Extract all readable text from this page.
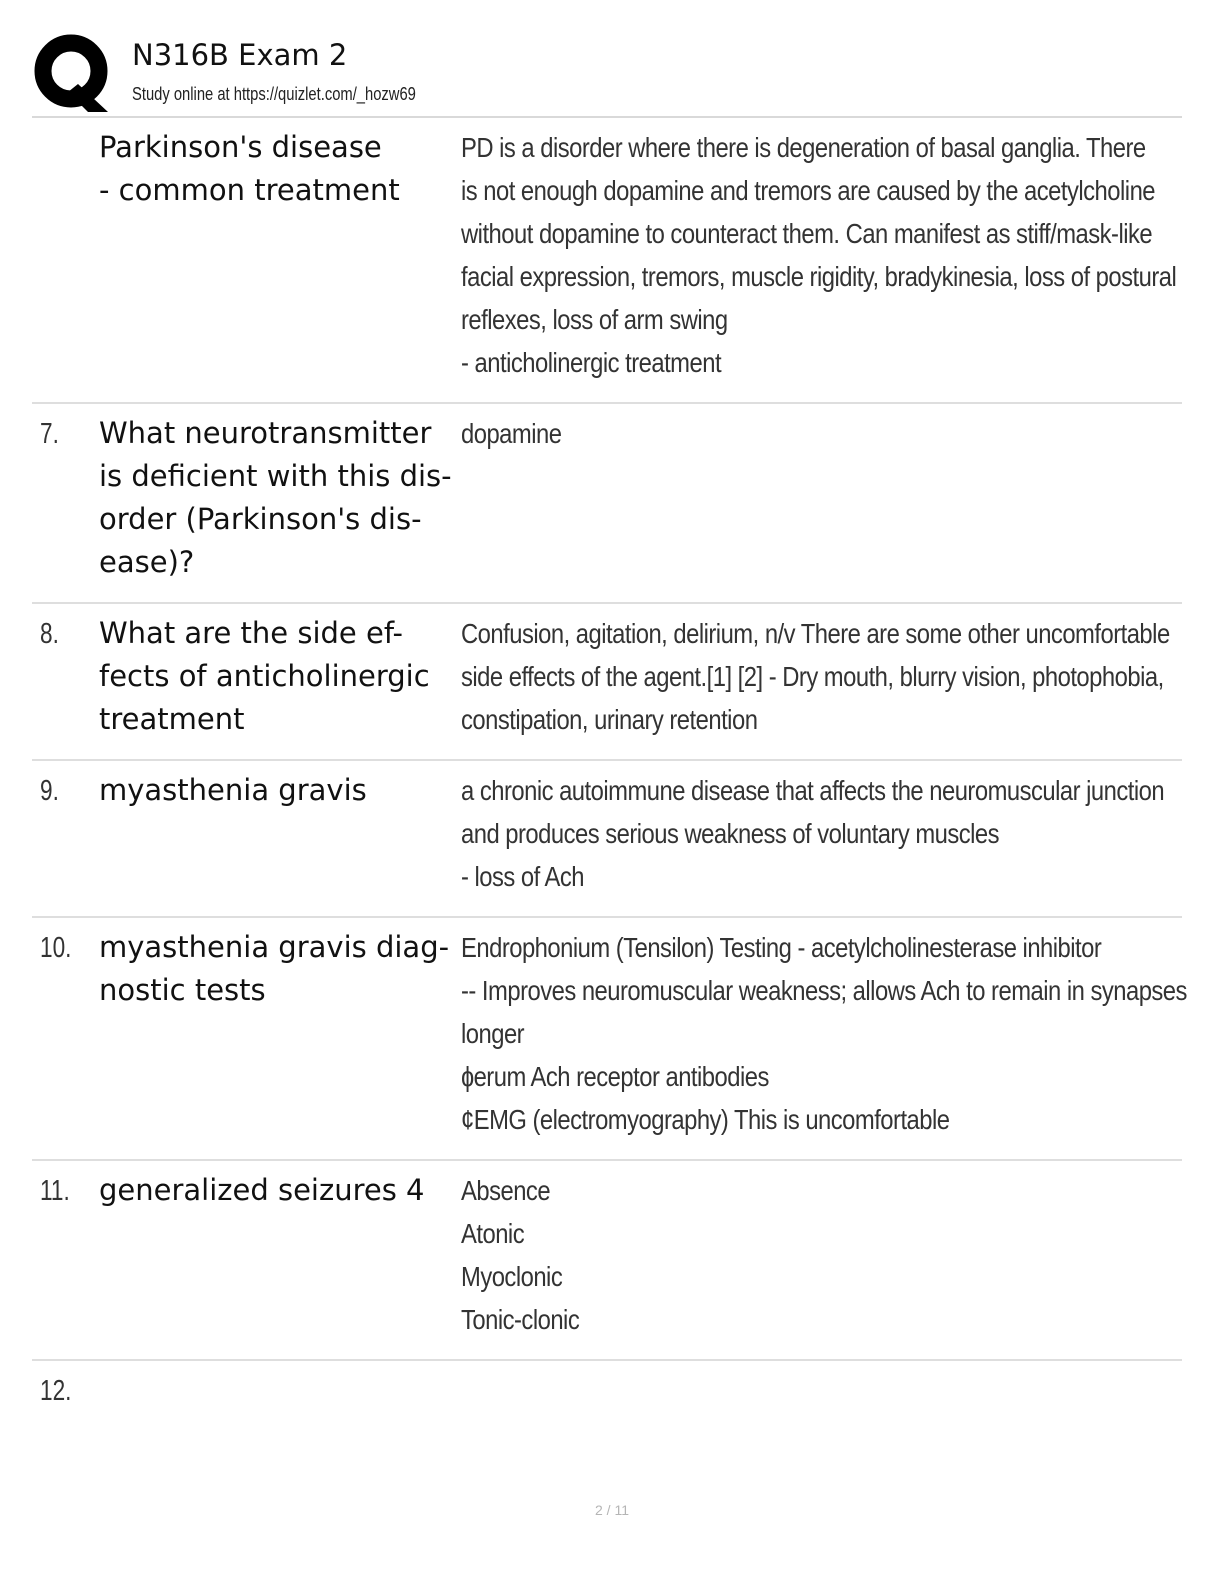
N316B Exam 2
Study online at https://quizlet.com/_hozw69
Parkinson's disease
- common treatment
PD is a disorder where there is degeneration of basal ganglia. There
is not enough dopamine and tremors are caused by the acetylcholine
without dopamine to counteract them. Can manifest as stiff/mask-like
facial expression, tremors, muscle rigidity, bradykinesia, loss of postural
reflexes, loss of arm swing
- anticholinergic treatment
7. What neurotransmitter
is deficient with this dis-
order (Parkinson's dis-
ease)?
dopamine
8. What are the side ef-
fects of anticholinergic
treatment
Confusion, agitation, delirium, n/v There are some other uncomfortable
side effects of the agent.[1] [2] - Dry mouth, blurry vision, photophobia,
constipation, urinary retention
9. myasthenia gravis	a chronic autoimmune disease that affects the neuromuscular junction
and produces serious weakness of voluntary muscles
- loss of Ach
10. myasthenia gravis diag-
nostic tests
Endrophonium (Tensilon) Testing - acetylcholinesterase inhibitor
-- Improves neuromuscular weakness; allows Ach to remain in synapses
longer
ɸerum Ach receptor antibodies
¢EMG (electromyography) This is uncomfortable
11. generalized seizures 4	Absence
Atonic
Myoclonic
Tonic-clonic
12.
2 / 11
